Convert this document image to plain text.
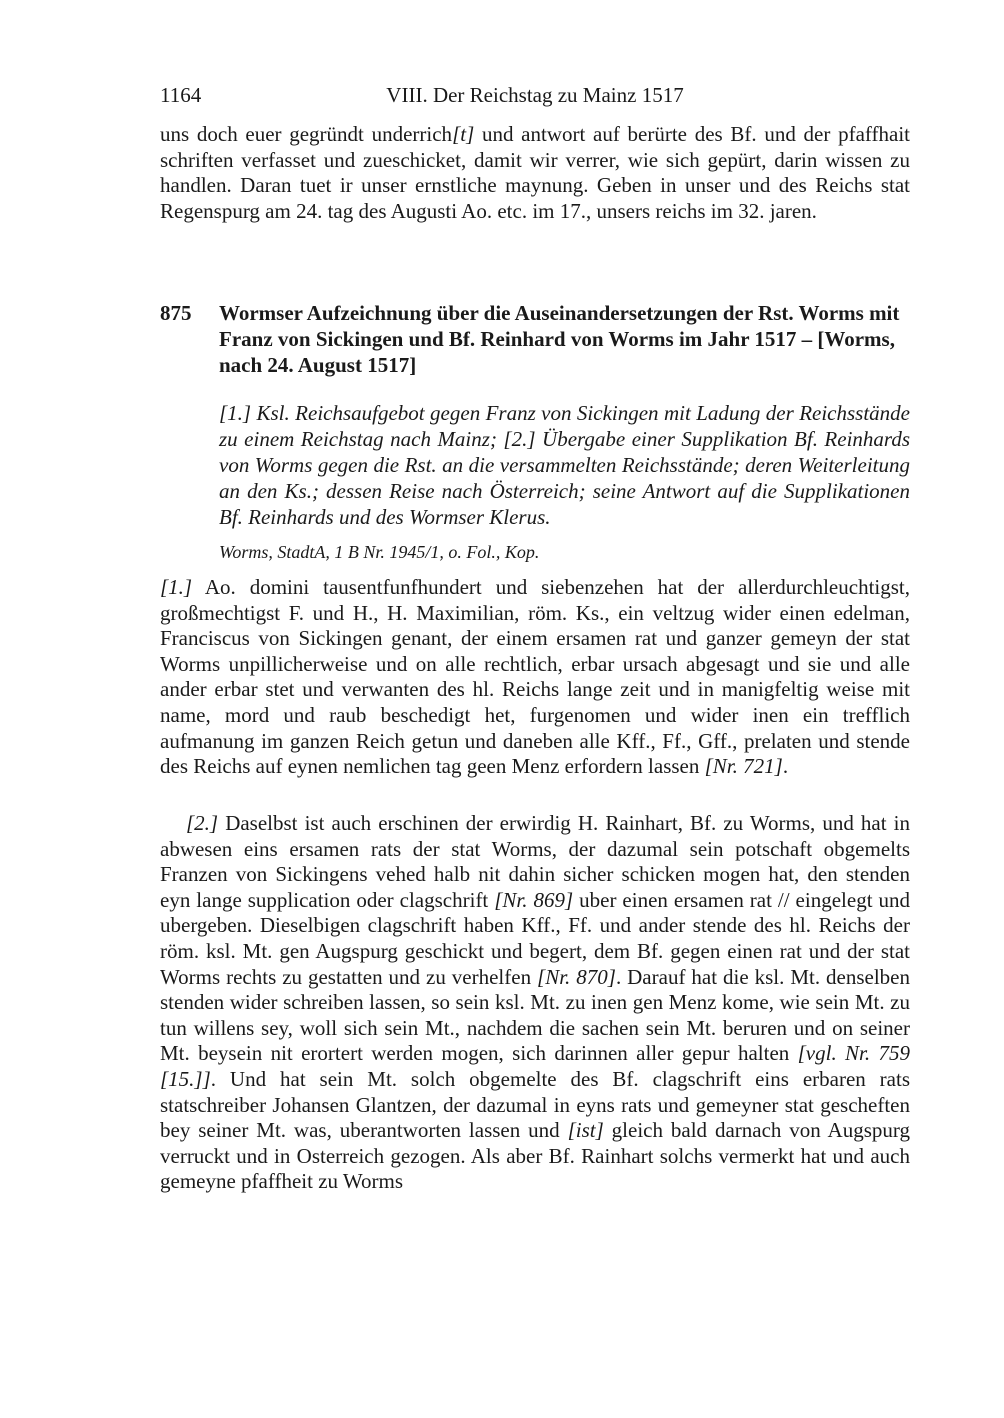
1164	VIII. Der Reichstag zu Mainz 1517

uns doch euer gegründt underrich[t] und antwort auf berürte des Bf. und der pfaffhait schriften verfasset und zueschicket, damit wir verrer, wie sich gepürt, darin wissen zu handlen. Daran tuet ir unser ernstliche maynung. Geben in unser und des Reichs stat Regenspurg am 24. tag des Augusti Ao. etc. im 17., unsers reichs im 32. jaren.

875 Wormser Aufzeichnung über die Auseinandersetzungen der Rst. Worms mit Franz von Sickingen und Bf. Reinhard von Worms im Jahr 1517 – [Worms, nach 24. August 1517]

[1.] Ksl. Reichsaufgebot gegen Franz von Sickingen mit Ladung der Reichsstände zu einem Reichstag nach Mainz; [2.] Übergabe einer Supplikation Bf. Reinhards von Worms gegen die Rst. an die versammelten Reichsstände; deren Weiterleitung an den Ks.; dessen Reise nach Österreich; seine Antwort auf die Supplikationen Bf. Reinhards und des Wormser Klerus.

Worms, StadtA, 1 B Nr. 1945/1, o. Fol., Kop.

[1.] Ao. domini tausentfunfhundert und siebenzehen hat der allerdurchleuchtigst, großmechtigst F. und H., H. Maximilian, röm. Ks., ein veltzug wider einen edelman, Franciscus von Sickingen genant, der einem ersamen rat und ganzer gemeyn der stat Worms unpillicherweise und on alle rechtlich, erbar ursach abgesagt und sie und alle ander erbar stet und verwanten des hl. Reichs lange zeit und in manigfeltig weise mit name, mord und raub beschedigt het, furgenomen und wider inen ein trefflich aufmanung im ganzen Reich getun und daneben alle Kff., Ff., Gff., prelaten und stende des Reichs auf eynen nemlichen tag geen Menz erfordern lassen [Nr. 721].

[2.] Daselbst ist auch erschinen der erwirdig H. Rainhart, Bf. zu Worms, und hat in abwesen eins ersamen rats der stat Worms, der dazumal sein potschaft obgemelts Franzen von Sickingens vehed halb nit dahin sicher schicken mogen hat, den stenden eyn lange supplication oder clagschrift [Nr. 869] uber einen ersamen rat // eingelegt und ubergeben. Dieselbigen clagschrift haben Kff., Ff. und ander stende des hl. Reichs der röm. ksl. Mt. gen Augspurg geschickt und begert, dem Bf. gegen einen rat und der stat Worms rechts zu gestatten und zu verhelfen [Nr. 870]. Darauf hat die ksl. Mt. denselben stenden wider schreiben lassen, so sein ksl. Mt. zu inen gen Menz kome, wie sein Mt. zu tun willens sey, woll sich sein Mt., nachdem die sachen sein Mt. beruren und on seiner Mt. beysein nit erortert werden mogen, sich darinnen aller gepur halten [vgl. Nr. 759 [15.]]. Und hat sein Mt. solch obgemelte des Bf. clagschrift eins erbaren rats statschreiber Johansen Glantzen, der dazumal in eyns rats und gemeyner stat gescheften bey seiner Mt. was, uberantworten lassen und [ist] gleich bald darnach von Augspurg verruckt und in Osterreich gezogen. Als aber Bf. Rainhart solchs vermerkt hat und auch gemeyne pfaffheit zu Worms
